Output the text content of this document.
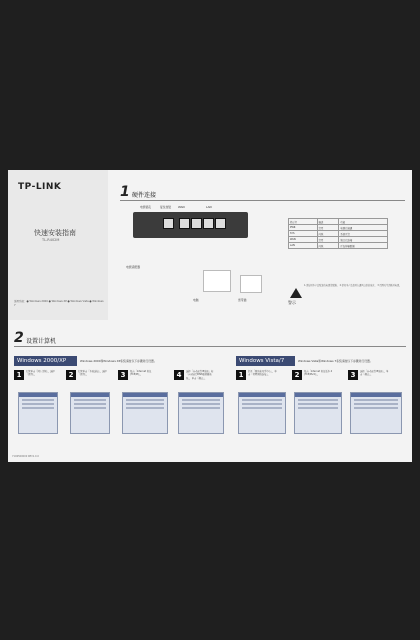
TP-LINK
快速安装指南
TL-R402M
适用系统：● Windows 2000 ● Windows XP ● Windows Vista ● Windows 7
1 硬件连接
电源插孔	复位按钮 WAN	LAN
电源适配器
电脑	宽带猫
指示灯	描述	功能
PWR	常亮	电源已接通
SYS	闪烁	系统正常
WAN	常亮	端口已连接
LAN	闪烁	正在传输数据
警示
1.请使用本产品配套的电源适配器。 2.请将本产品放置在通风良好的地方。 3.雷雨天气请断开电源。
2 设置计算机
Windows 2000/XP	Windows 2000和Windows XP系统请按以下步骤进行设置。
1	右键单击「网上邻居」，选择「属性」。	2	右键单击「本地连接」，选择「属性」。	3	双击「Internet 协议 (TCP/IP)」。	4	选择「自动获得IP地址」和「自动获得DNS服务器地址」，单击「确定」。
Windows Vista/7	Windows Vista和Windows 7系统请按以下步骤进行设置。
1	打开「网络和共享中心」，单击「管理网络连接」。	2	双击「Internet 协议版本 4 (TCP/IPv4)」。	3	选择「自动获得IP地址」，单击「确定」。
7106500000 REV1.0.0
